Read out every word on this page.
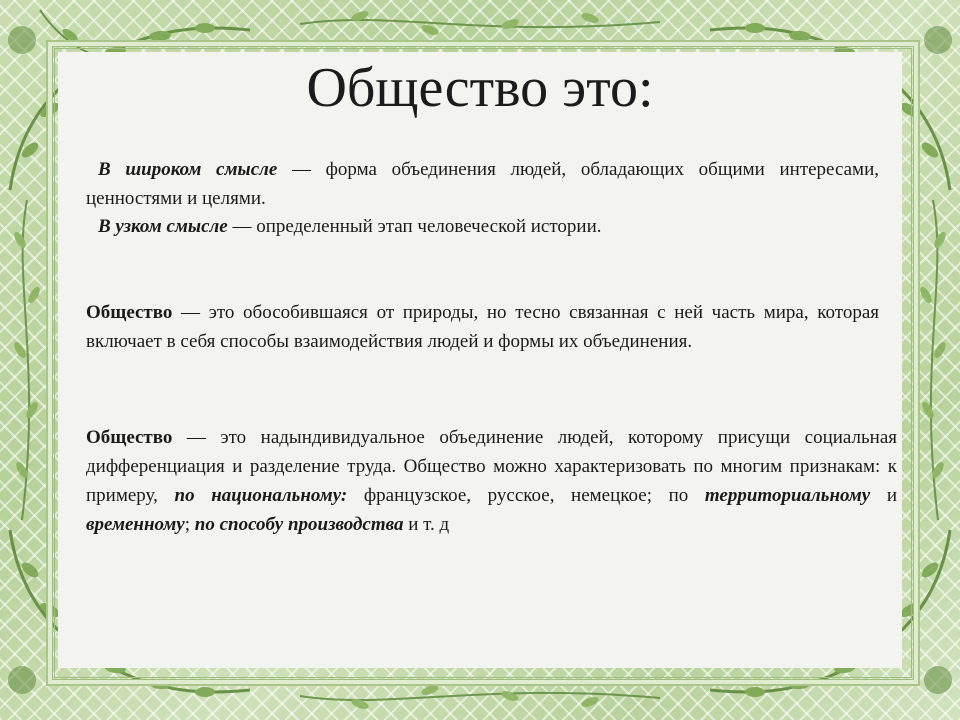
Общество это:
В широком смысле — форма объединения людей, обладающих общими интересами, ценностями и целями.
В узком смысле — определенный этап человеческой истории.
Общество — это обособившаяся от природы, но тесно связанная с ней часть мира, которая включает в себя способы взаимодействия людей и формы их объединения.
Общество — это надындивидуальное объединение людей, которому присущи социальная дифференциация и разделение труда. Общество можно характеризовать по многим признакам: к примеру, по национальному: французское, русское, немецкое; по территориальному и временному; по способу производства и т. д
